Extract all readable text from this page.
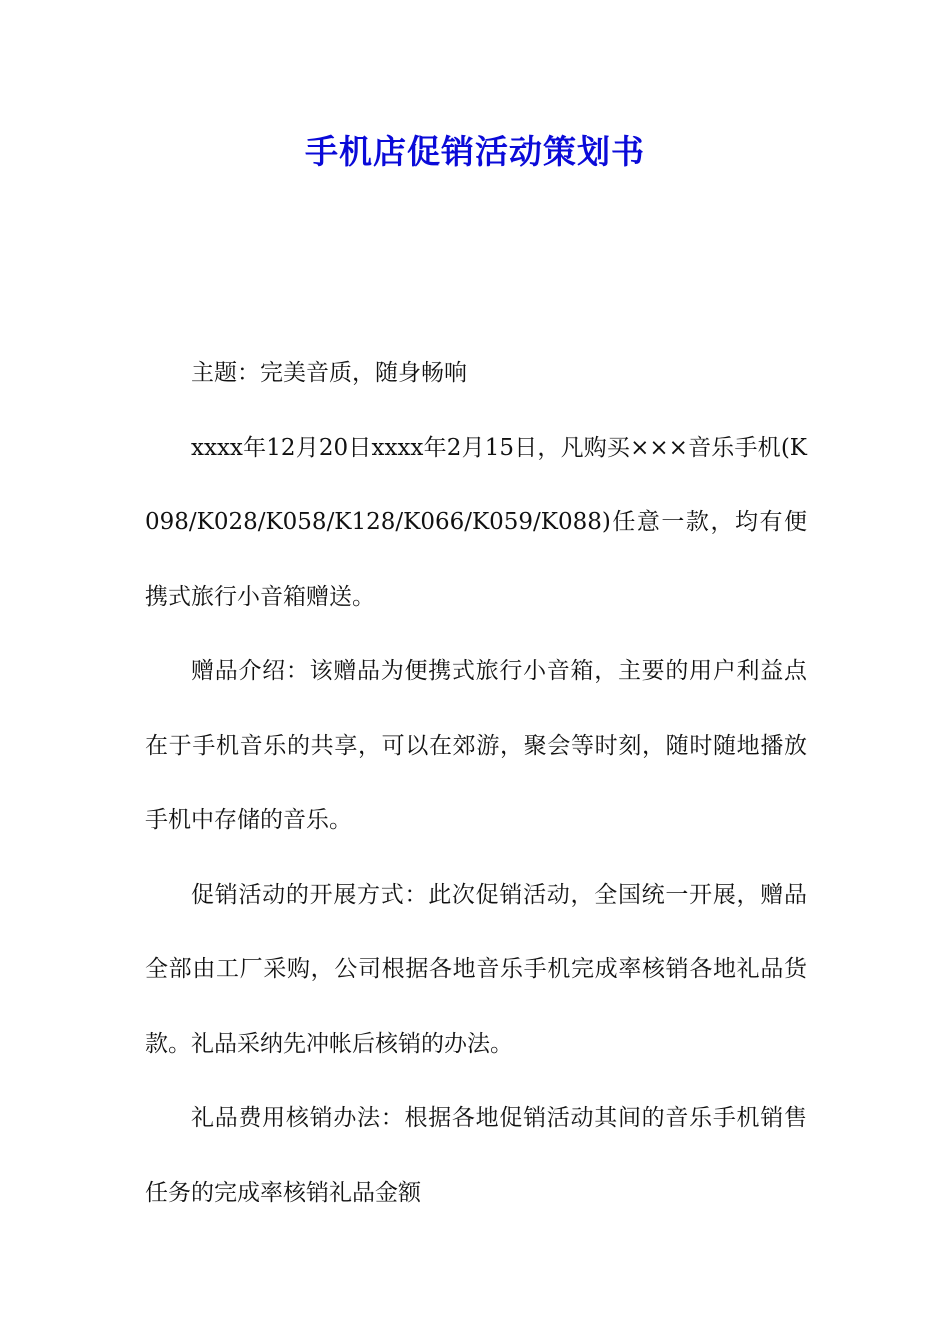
手机店促销活动策划书

主题：完美音质，随身畅响

xxxx年12月20日xxxx年2月15日，凡购买×××音乐手机(K098/K028/K058/K128/K066/K059/K088)任意一款，均有便携式旅行小音箱赠送。

赠品介绍：该赠品为便携式旅行小音箱，主要的用户利益点在于手机音乐的共享，可以在郊游，聚会等时刻，随时随地播放手机中存储的音乐。

促销活动的开展方式：此次促销活动，全国统一开展，赠品全部由工厂采购，公司根据各地音乐手机完成率核销各地礼品货款。礼品采纳先冲帐后核销的办法。

礼品费用核销办法：根据各地促销活动其间的音乐手机销售任务的完成率核销礼品金额
